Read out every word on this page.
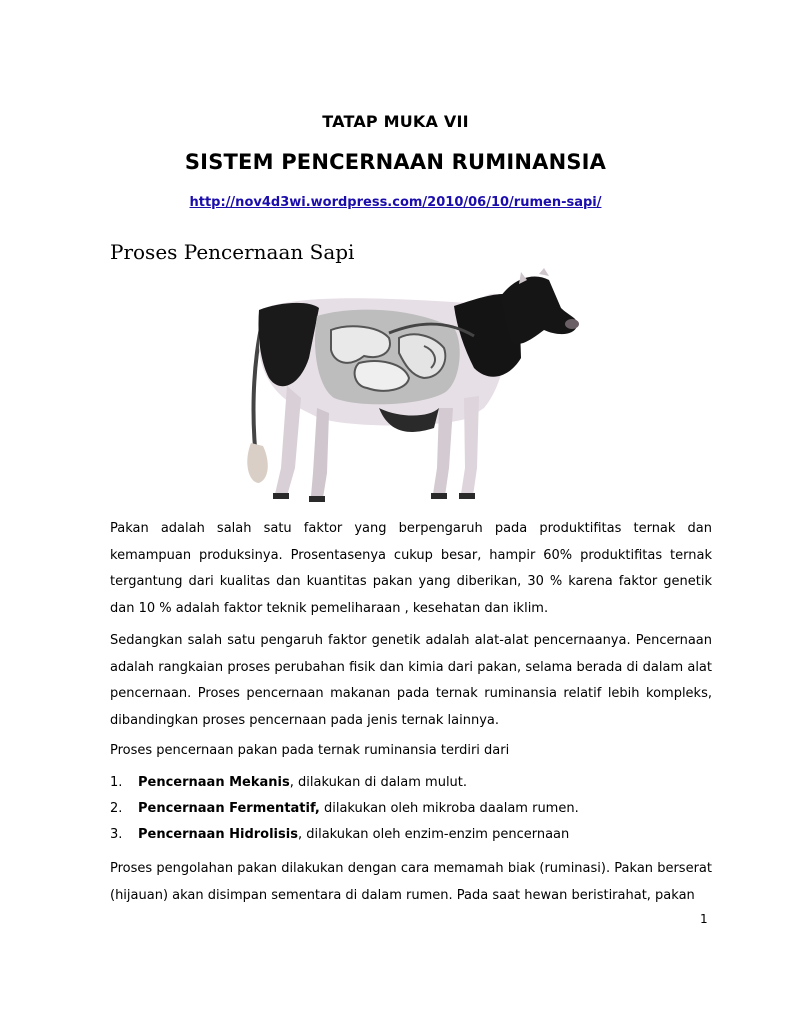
TATAP MUKA VII
SISTEM PENCERNAAN RUMINANSIA
http://nov4d3wi.wordpress.com/2010/06/10/rumen-sapi/
Proses Pencernaan Sapi
Pakan adalah salah satu faktor yang berpengaruh pada produktifitas ternak dan kemampuan produksinya. Prosentasenya cukup besar, hampir 60% produktifitas ternak tergantung dari kualitas dan kuantitas pakan yang diberikan, 30 % karena faktor genetik dan 10 % adalah faktor teknik pemeliharaan , kesehatan dan iklim.
Sedangkan salah satu pengaruh faktor genetik adalah alat-alat pencernaanya. Pencernaan adalah rangkaian proses perubahan fisik dan kimia dari pakan, selama berada di dalam alat pencernaan. Proses pencernaan makanan pada ternak ruminansia relatif lebih kompleks, dibandingkan proses pencernaan pada jenis ternak lainnya.
Proses pencernaan pakan pada ternak ruminansia terdiri dari
1. Pencernaan Mekanis, dilakukan di dalam mulut.
2. Pencernaan Fermentatif, dilakukan oleh mikroba daalam rumen.
3. Pencernaan Hidrolisis, dilakukan oleh enzim-enzim pencernaan
Proses pengolahan pakan dilakukan dengan cara memamah biak (ruminasi). Pakan berserat (hijauan) akan disimpan sementara di dalam rumen. Pada saat hewan beristirahat, pakan
1
